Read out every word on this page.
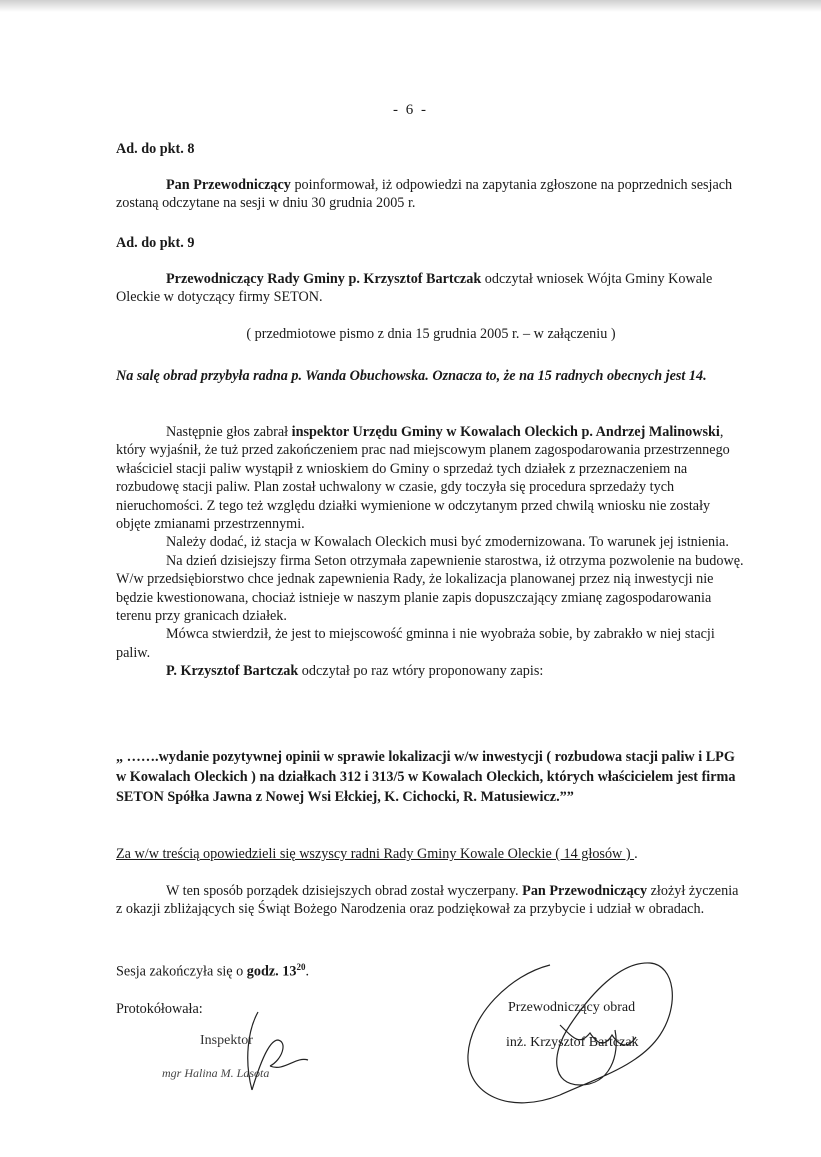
- 6 -

Ad. do pkt. 8

Pan Przewodniczący poinformował, iż odpowiedzi na zapytania zgłoszone na poprzednich sesjach zostaną odczytane na sesji w dniu 30 grudnia 2005 r.

Ad. do pkt. 9

Przewodniczący Rady Gminy p. Krzysztof Bartczak odczytał wniosek Wójta Gminy Kowale Oleckie w dotyczący firmy SETON.

( przedmiotowe pismo z dnia 15 grudnia 2005 r. – w załączeniu )

Na salę obrad przybyła radna p. Wanda Obuchowska. Oznacza to, że na 15 radnych obecnych jest 14.

Następnie głos zabrał inspektor Urzędu Gminy w Kowalach Oleckich p. Andrzej Malinowski, który wyjaśnił, że tuż przed zakończeniem prac nad miejscowym planem zagospodarowania przestrzennego właściciel stacji paliw wystąpił z wnioskiem do Gminy o sprzedaż tych działek z przeznaczeniem na rozbudowę stacji paliw. Plan został uchwalony w czasie, gdy toczyła się procedura sprzedaży tych nieruchomości. Z tego też względu działki wymienione w odczytanym przed chwilą wniosku nie zostały objęte zmianami przestrzennymi.

Należy dodać, iż stacja w Kowalach Oleckich musi być zmodernizowana. To warunek jej istnienia.

Na dzień dzisiejszy firma Seton otrzymała zapewnienie starostwa, iż otrzyma pozwolenie na budowę. W/w przedsiębiorstwo chce jednak zapewnienia Rady, że lokalizacja planowanej przez nią inwestycji nie będzie kwestionowana, chociaż istnieje w naszym planie zapis dopuszczający zmianę zagospodarowania terenu przy granicach działek.

Mówca stwierdził, że jest to miejscowość gminna i nie wyobraża sobie, by zabrakło w niej stacji paliw.

P. Krzysztof Bartczak odczytał po raz wtóry proponowany zapis:

„ …….wydanie pozytywnej opinii w sprawie lokalizacji w/w inwestycji ( rozbudowa stacji paliw i LPG w Kowalach Oleckich ) na działkach 312 i 313/5 w Kowalach Oleckich, których właścicielem jest firma SETON Spółka Jawna z Nowej Wsi Ełckiej, K. Cichocki, R. Matusiewicz.””

Za w/w treścią opowiedzieli się wszyscy radni Rady Gminy Kowale Oleckie ( 14 głosów ) .

W ten sposób porządek dzisiejszych obrad został wyczerpany. Pan Przewodniczący złożył życzenia z okazji zbliżających się Świąt Bożego Narodzenia oraz podziękował za przybycie i udział w obradach.

Sesja zakończyła się o godz. $13^{20}$.

Protokółowała:
Inspektor
mgr Halina M. Lasota
Przewodniczący obrad
inż. Krzysztof Bartczak
